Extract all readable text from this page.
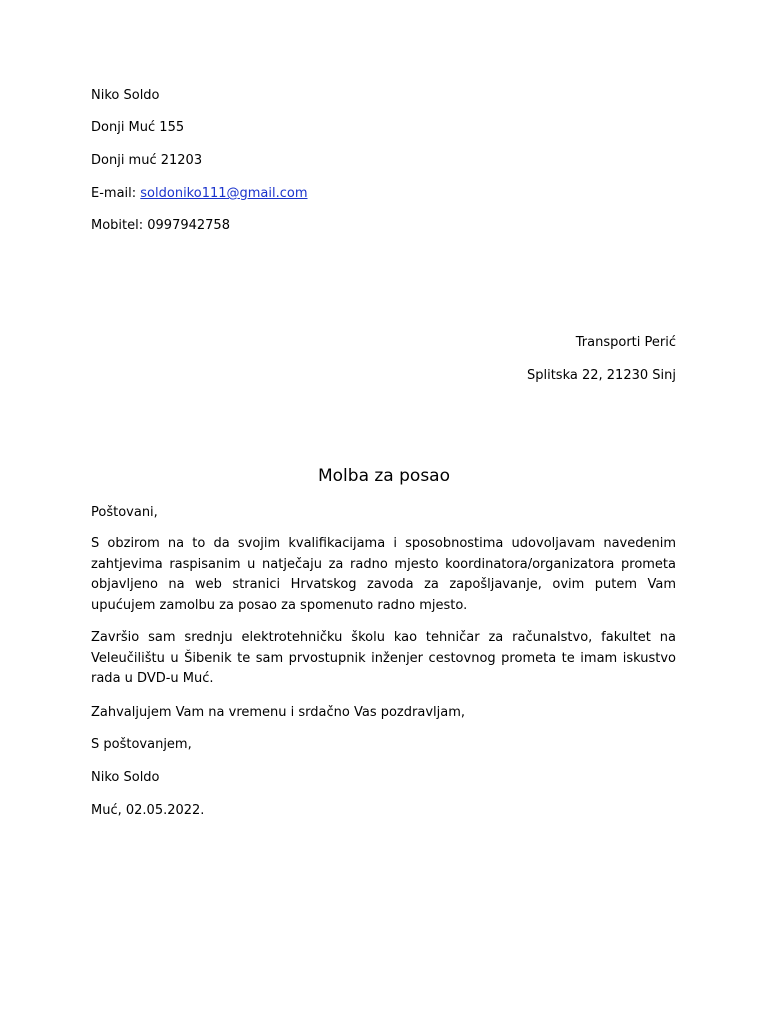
Niko Soldo
Donji Muć 155
Donji muć 21203
E-mail: soldoniko111@gmail.com
Mobitel: 0997942758
Transporti Perić
Splitska 22, 21230 Sinj
Molba za posao
Poštovani,
S obzirom na to da svojim kvalifikacijama i sposobnostima udovoljavam navedenim zahtjevima raspisanim u natječaju za radno mjesto koordinatora/organizatora prometa objavljeno na web stranici Hrvatskog zavoda za zapošljavanje, ovim putem Vam upućujem zamolbu za posao za spomenuto radno mjesto.
Završio sam srednju elektrotehničku školu kao tehničar za računalstvo, fakultet na Veleučilištu u Šibenik te sam prvostupnik inženjer cestovnog prometa te imam iskustvo rada u DVD-u Muć.
Zahvaljujem Vam na vremenu i srdačno Vas pozdravljam,
S poštovanjem,
Niko Soldo
Muć, 02.05.2022.
